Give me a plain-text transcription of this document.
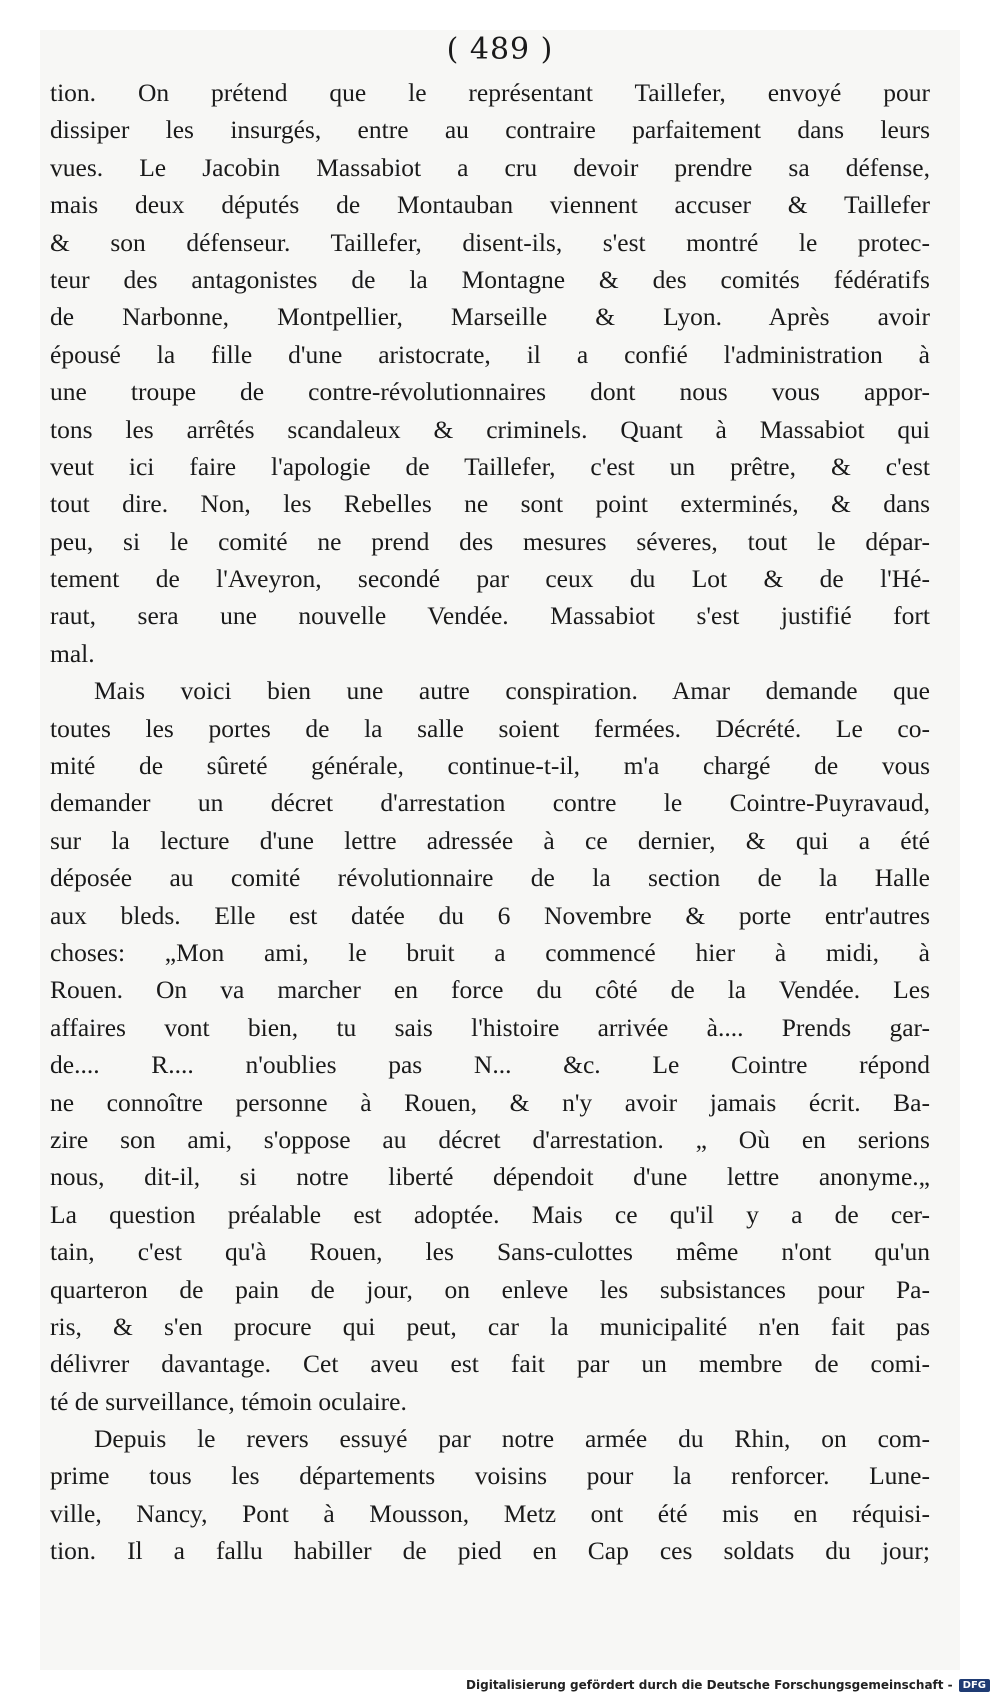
( 489 )
tion. On prétend que le représentant Taillefer, envoyé pour
dissiper les insurgés, entre au contraire parfaitement dans leurs
vues. Le Jacobin Massabiot a cru devoir prendre sa défense,
mais deux députés de Montauban viennent accuser & Taillefer
& son défenseur. Taillefer, disent-ils, s'est montré le protec-
teur des antagonistes de la Montagne & des comités fédératifs
de Narbonne, Montpellier, Marseille & Lyon. Après avoir
épousé la fille d'une aristocrate, il a confié l'administration à
une troupe de contre-révolutionnaires dont nous vous appor-
tons les arrêtés scandaleux & criminels. Quant à Massabiot qui
veut ici faire l'apologie de Taillefer, c'est un prêtre, & c'est
tout dire. Non, les Rebelles ne sont point exterminés, & dans
peu, si le comité ne prend des mesures séveres, tout le dépar-
tement de l'Aveyron, secondé par ceux du Lot & de l'Hé-
raut, sera une nouvelle Vendée. Massabiot s'est justifié fort
mal.
Mais voici bien une autre conspiration. Amar demande que
toutes les portes de la salle soient fermées. Décrété. Le co-
mité de sûreté générale, continue-t-il, m'a chargé de vous
demander un décret d'arrestation contre le Cointre-Puyravaud,
sur la lecture d'une lettre adressée à ce dernier, & qui a été
déposée au comité révolutionnaire de la section de la Halle
aux bleds. Elle est datée du 6 Novembre & porte entr'autres
choses: „Mon ami, le bruit a commencé hier à midi, à
Rouen. On va marcher en force du côté de la Vendée. Les
affaires vont bien, tu sais l'histoire arrivée à.... Prends gar-
de.... R.... n'oublies pas N... &c. Le Cointre répond
ne connoître personne à Rouen, & n'y avoir jamais écrit. Ba-
zire son ami, s'oppose au décret d'arrestation. „ Où en serions
nous, dit-il, si notre liberté dépendoit d'une lettre anonyme.„
La question préalable est adoptée. Mais ce qu'il y a de cer-
tain, c'est qu'à Rouen, les Sans-culottes même n'ont qu'un
quarteron de pain de jour, on enleve les subsistances pour Pa-
ris, & s'en procure qui peut, car la municipalité n'en fait pas
délivrer davantage. Cet aveu est fait par un membre de comi-
té de surveillance, témoin oculaire.
Depuis le revers essuyé par notre armée du Rhin, on com-
prime tous les départements voisins pour la renforcer. Lune-
ville, Nancy, Pont à Mousson, Metz ont été mis en réquisi-
tion. Il a fallu habiller de pied en Cap ces soldats du jour;
Digitalisierung gefördert durch die Deutsche Forschungsgemeinschaft -	DFG
